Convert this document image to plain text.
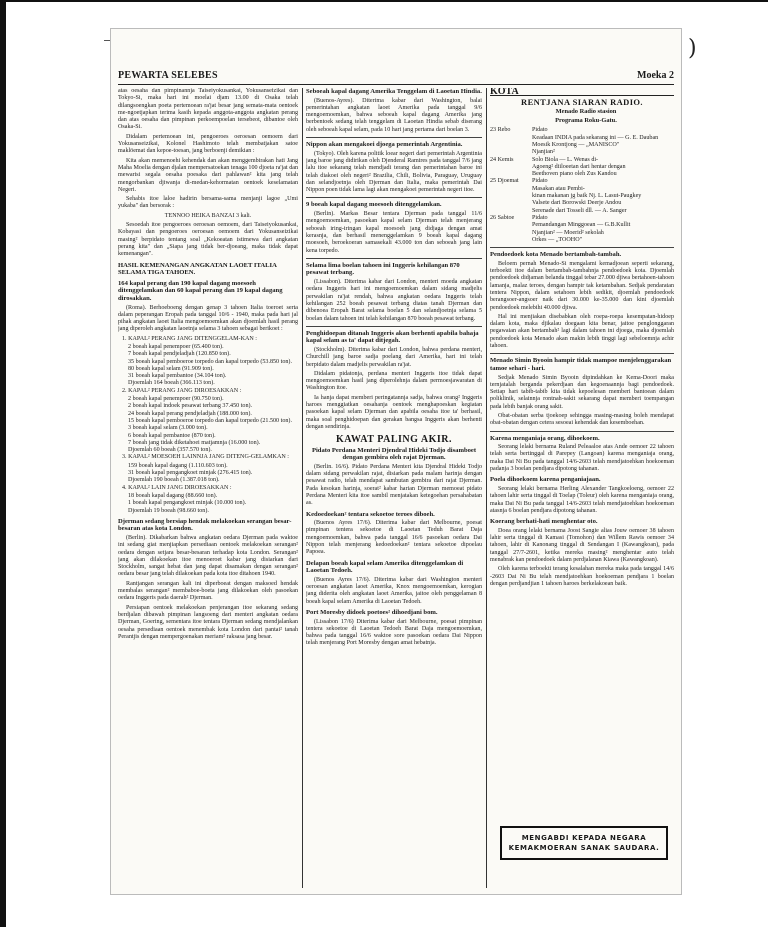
)
PEWARTA SELEBES	Moeka 2

atas oesaha dan pimpinannja Taiseiyokusankai, Yokusanseizikai dan Tokyo-Si, maka hari ini moelai djam 13.00 di Osaka telah dilangsoengkan poeta pertemoean ra'jat besar jang semata-mata oentoek me-ngoetjapkan terima kasih kepada anggota-anggota angkatan perang dan atas oesaha dan pimpinan perkoempoelan tersebeot, dibantoe oleh Osaka-Si.

Didalam pertemoean ini, pengoeroes oeroesan oemoem dari Yokusanseizikai, Kolonel Hashimoto telah membatjakan satoe maklöemat dan kepoe-toesan, jang berboenji demikian :

Kita akan memenoehi kehendak dan akan menggembirakan hati Jang Maha Moelia dengan djalan mempersatoekan tenaga 100 djoeta ra'jat dan mewarisi segala oesaha poesaka dari pahlawan² kita jang telah mengorbankan djiwanja di-medan-kehormatan oentoek keselamatan Negeri.

Sehabis itoe laloe hadirin bersama-sama menjanji lagoe „Umi yukaba" dan bersorak :

TENNOO HEIKA BANZAI 3 kali.

Sesoedah itoe pengoeroes oeroesan oemoem, dari Taiseiyokusankai, Kobayasi dan pengoeroes oeroesan oemoem dari Yokusanseizikai masing² berpidato tentang soal „Kekoeatan istimewa dari angkatan perang kita" dan „Siapa jang tidak ber-djoeang, maka tidak dapat kemenangan".

HASIL KEMENANGAN ANGKATAN LAOET ITALIA SELAMA TIGA TAHOEN.
164 kapal perang dan 190 kapal dagang moesoeh ditenggelamkan dan 60 kapal perang dan 19 kapal dagang dirosakkan.

(Roma). Berhoeboeng dengan genap 3 tahoen Italia toeroet serta dalam peperangan Eropah pada tanggal 10/6 - 1940, maka pada hari jal pihak angkatan laoet Italia mengoemoemkan akan djoemlah hasil perang jang diperoleh angkatan laoetnja selama 3 tahoen sebagai berikoet :

1. KAPAL² PERANG JANG DITENGGELAM-KAN :
2 boeah kapal penempoer (65.400 ton).
7 boeah kapal pendjeladjah (120.850 ton).
35 boeah kapal pemboeroe torpedo dan kapal torpedo (53.850 ton).
80 boeah kapal selam (91.909 ton).
31 boeah kapal pembantoe (34.104 ton).
Djoemlah 164 boeah (366.113 ton).
2. KAPAL² PERANG JANG DIROESAKKAN :
2 boeah kapal penempoer (90.750 ton).
2 boeah kapal indoek pesawat terbang 37.450 ton).
24 boeah kapal perang pendjeladjah (188.000 ton).
15 boeah kapal pemboeroe torpedo dan kapal torpedo (21.500 ton).
3 boeah kapal selam (3.000 ton).
6 boeah kapal pembantoe (870 ton).
7 boeah jang tidak diketahoei matjamnja (16.000 ton).
Djoemlah 60 boeah (357.570 ton).
3. KAPAL² MOESOEH LAINNJA JANG DITENG-GELAMKAN :
159 boeah kapal dagang (1.110.603 ton).
31 boeah kapal pengangkoet minjak (276.415 ton).
Djoemlah 190 boeah (1.387.018 ton).
4. KAPAL² LAIN JANG DIROESAKKAN :
18 boeah kapal dagang (88.660 ton).
1 boeah kapal pengangkoet minjak (10.000 ton).
Djoemlah 19 boeah (98.660 ton).
Djerman sedang bersiap hendak melakoekan serangan besar-besaran atas kota London.

(Berlin). Dikabarkan bahwa angkatan oedara Djerman pada waktoe ini sedang giat menjiapkan persediaan oentoek melakoekan serangan² oedara dengan setjara besar-besaran terhadap kota London. Serangan² jang akan dilakoekan itoe menoeroet kabar jang disiarkan dari Stockholm, sangat hebat dan jang dapat disamakan dengan serangan² oedara besar jang telah dilakoekan pada kota itoe ditahoen 1940.

Rantjangan serangan kali ini diperboeat dengan maksoed hendak membalas serangan² membaboe-boeta jang dilakoekan oleh pasoekan oedara Inggeris pada daerah² Djerman.

Persiapan oentoek melakoekan penjerangan itoe sekarang sedang berdjalan dibawah pimpinan langsoeng dari menteri angkatan oedara Djerman, Goering, sementara itoe tentara Djerman sedang mendjalankan oesaha persediaan oentoek menembak kota London dari pantai² tanah Perantjis dengan mempergoenakan meriam² raksasa jang besar.

Seboeah kapal dagang Amerika Tenggelam di Laoetan Hindia.

(Buenos-Ayres). Diterima kabar dari Washington, balai pemerintahan angkatan laoet Amerika pada tanggal 9/6 mengoemoemkan, bahwa seboeah kapal dagang Amerika jang berbentoek sedang telah tenggelam di Laoetan Hindia sebab diserang oleh seboeah kapal selam, pada 10 hari jang pertama dari boelan 3.

Nippon akan mengakoei djoega pemerintah Argentinia.

(Tokyo). Oleh karena politik loear negeri dari pemerintah Argentinia jang baroe jang didirikan oleh Djenderal Ramires pada tanggal 7/6 jang lalu itoe sekarang telah mendjadi terang dan pemerintahan baroe ini telah diakoei oleh negeri² Brazilia, Chili, Bolivia, Paraguay, Uruguay dan selandjoetnja oleh Djerman dan Italia, maka pemerintah Dai Nippon poen tidak lama lagi akan mengakoei pemerintah negeri itoe.

9 boeah kapal dagang moesoeh ditenggelamkan.

(Berlin). Markas Besar tentara Djerman pada tanggal 11/6 mengoemoemkan, pasoekan kapal selam Djerman telah menjerang seboeah iring-iringan kapal moesoeh jang didjaga dengan amat kerasnja, dan berhasil menenggelamkan 9 boeah kapal dagang moesoeh, beroekoeran samasekali 43.000 ton dan seboeah jang lain kena torpedo.

Selama lima boelan tahoen ini Inggeris kehilangan 870 pesawat terbang.

(Lissabon). Diterima kabar dari London, menteri moeda angkatan oedara Inggeris hari ini mengoemoemkan dalam sidang madjelis perwakilan ra'jat rendah, bahwa angkatan oedara Inggeris telah kehilangan 252 boeah pesawat terbang diatas tanah Djerman dan dibenoea Eropah Barat selama boelan 5 dan selandjoetnja selama 5 boelan dalam tahoen ini telah kehilangan 870 boeah pesawat terbang.

Penghidoepan ditanah Inggeris akan berhenti apabila bahaja kapal selam as ta' dapat ditjegah.

(Stockholm). Diterima kabar dari London, bahwa perdana menteri, Churchill jang baroe sadja poelang dari Amerika, hari ini telah berpidato dalam madjelis perwakilan ra'jat.

Didalam pidatonja, perdana menteri Inggeris itoe tidak dapat mengoemoemkan hasil jang diperolehnja dalam permoesjawaratan di Washington itoe.

Ia hanja dapat memberi peringatannja sadja, bahwa orang² Inggeris haroes menggiatkan oesahanja oentoek menghapoeskan kegiatan pasoekan kapal selam Djerman dan apabila oesaha itoe ta' berhasil, maka soal penghidoepan dan gerakan bangsa Inggeris akan berhenti dengan sendirinja.

KAWAT PALING AKIR.
Pidato Perdana Menteri Djendral Hideki Todjo disamboet dengan gembira oleh rajat Djerman.

(Berlin. 16/6). Pidato Perdana Menteri kita Djendral Hideki Todjo dalam sidang perwakilan rajat, disiarkan pada malam harinja dengan pesawat radio, telah mendapat sambutan gembira dari rajat Djerman. Pada kesokan harinja, soerat² kabar harian Djerman memoeat pidato Perdana Menteri kita itoe sambil menjatakan ketegoehan persahabatan as.

Kedoedoekan² tentara sekoetoe teroes diboeh.

(Buenos Ayres 17/6). Diterima kabar dari Melbourne, poesat pimpinan tentera sekoetoe di Laoetan Teduh Barat Daja mengoemoemkan, bahwa pada tanggal 16/6 pasoekan oedara Dai Nippon telah menjerang kedoedoekan² tentara sekoetoe dipoelau Papoea.

Delapan boeah kapal selam Amerika ditenggelamkan di Laoetan Tedoeh.

(Buenos Ayres 17/6). Diterima kabar dari Washington menteri oeroesan angkatan laoet Amerika, Knox mengoemoemkan, kerogian jang diderita oleh angkatan laoet Amerika, jaitoe oleh penggelaman 8 boeah kapal selam Amerika di Laoetan Tedoeh.

Port Moresby didoek poetoes² dihoedjani bom.

(Lissabon 17/6) Diterima kabar dari Melbourne, poesat pimpinan tentera sekoetoe di Laoetan Tedoeh Barat Daja mengoemoemkan, bahwa pada tanggal 16/6 waktoe sore pasoekan oedara Dai Nippon telah menjerang Port Moresby dengan amat hebatnja.

KOTA
RENTJANA SIARAN RADIO.

Menado Radio stasion

Programa Roku-Gatu.

23 Rebo	Pidato
Keadaan INDIA pada sekarang ini — G. E. Dauban
Moesik Krontjong — „MANISCO"
Njanjian²
24 Kemis	Solo Biola — L. Wenas di-
Agoeng² diiloeetan dari hentar dengan
Beethoven piano oleh Zus Kandou
25 Djoemat	Pidato
Masakan atau Pembi-
kinan makanan jg baik Nj. L. Lasut-Paugkey
Valsete dari Borowski Deerje Andou
Serenade dari Tosseli dll. — A. Sanger
26 Sabtoe	Pidato
Pemandangan Minggoean — G.B.Kullit
Njanjian² — Moerid² sekolah
Orkes — „TOOHO"
Pendoedoek kota Menado bertambah-tambah.

Beloem pernah Menado-Si mengalami kemadjoean seperti sekarang, terboekti itoe dalam bertambah-tambahnja pendoedoek kota. Djoemlah pendoedoek didjaman belanda tinggal tebar 27.000 djiwa bertahoen-tahoen lamanja, malaz teroes, dengan hampir tak ketambahan. Sedjak pendaratan tentera Nippon, dalam setahoen lebih sedikit, djoemlah pendoedoek berangsoer-angsoer naik dari 30.000 ke-35.000 dan kini djoemlah pendoedoek melebihi 40.000 djiwa.

Hal ini menjiakan disebabkan oleh roepa-roepa kesempatan-hidoep dalam kota, maka djikalau doegaan kita benar, jaitoe penglonggaran pegawaian akan bertambah² lagi dalam tahoen ini djoega, maka djoemlah pendoedoek kota Menado akan makin lebih tinggi lagi sebeloemnja achir tahoen.

Menado Simin Byooin hampir tidak mampoe menjelenggarakan tamoe sehari - hari.

Sedjak Menado Simin Byooin dipindahkan ke Kema-Doori maka ternjatalah berganda pekerdjaan dan kegoenaannja bagi pendoedoek. Setiap hari tabib-tabib kita tidak kepoelesan memberi bantoean dalam poliklinik, selainnja rontnah-sakit sekarang dapat memberi toempangan pada lebih banjak orang sakit.

Obat-obatan serba tjoekoep sehingga masing-masing boleh mendapat obat-obatan dengan cetera sesoeai kehendak dan kesemboehan.

Karena menganiaja orang, dihoekoem.

Seorang lelaki bernama Ruland Peleaaloe atas Ande oemoer 22 tahoen telah serta bertinggal di Parepey (Langoan) karena menganiaja orang, maka Dai Ni Bu pada tanggal 14/6-2603 telah mendjatoehkan hoekoeman padanja 3 boelan pendjara dipotong tahanan.

Poela dihoekoem karena penganiajaan.

Seorang lelaki bernama Herling Alexander Tangkoeloeng, oemoer 22 tahoen lahir serta tinggal di Toelap (Toleur) oleh karena menganiaja orang, maka Dai Ni Bu pada tanggal 14/6-2603 telah mendjatoehkan hoekoeman atasnja 6 boelan pendjara dipotong tahanan.

Koerang berhati-hati menghentar oto.

Doea orang lelaki bernama Joost Sangie alias Jouw oemoer 38 tahoen lahir serta tinggal di Kamasi (Tomohon) dan Willem Rawis oemoer 34 tahoen, lahir di Kanonang tinggal di Sendangan I (Kawangkoan), pada tanggal 27/7-2601, ketika mereka masing² menghentar auto telah menabrak kan pendoedoek dalam perdjalanan Kiawa (Kawangkoan).

Oleh karena terboekti terang kesalahan mereka maka pada tanggal 14/6 -2603 Dai Ni Bu telah mendjatoehkan hoekoeman pendjara 1 boelan dengan perdjandjian 1 tahoen haroes berkelakoean baik.

MENGABDI KEPADA NEGARA
KEMAKMOERAN SANAK SAUDARA.
